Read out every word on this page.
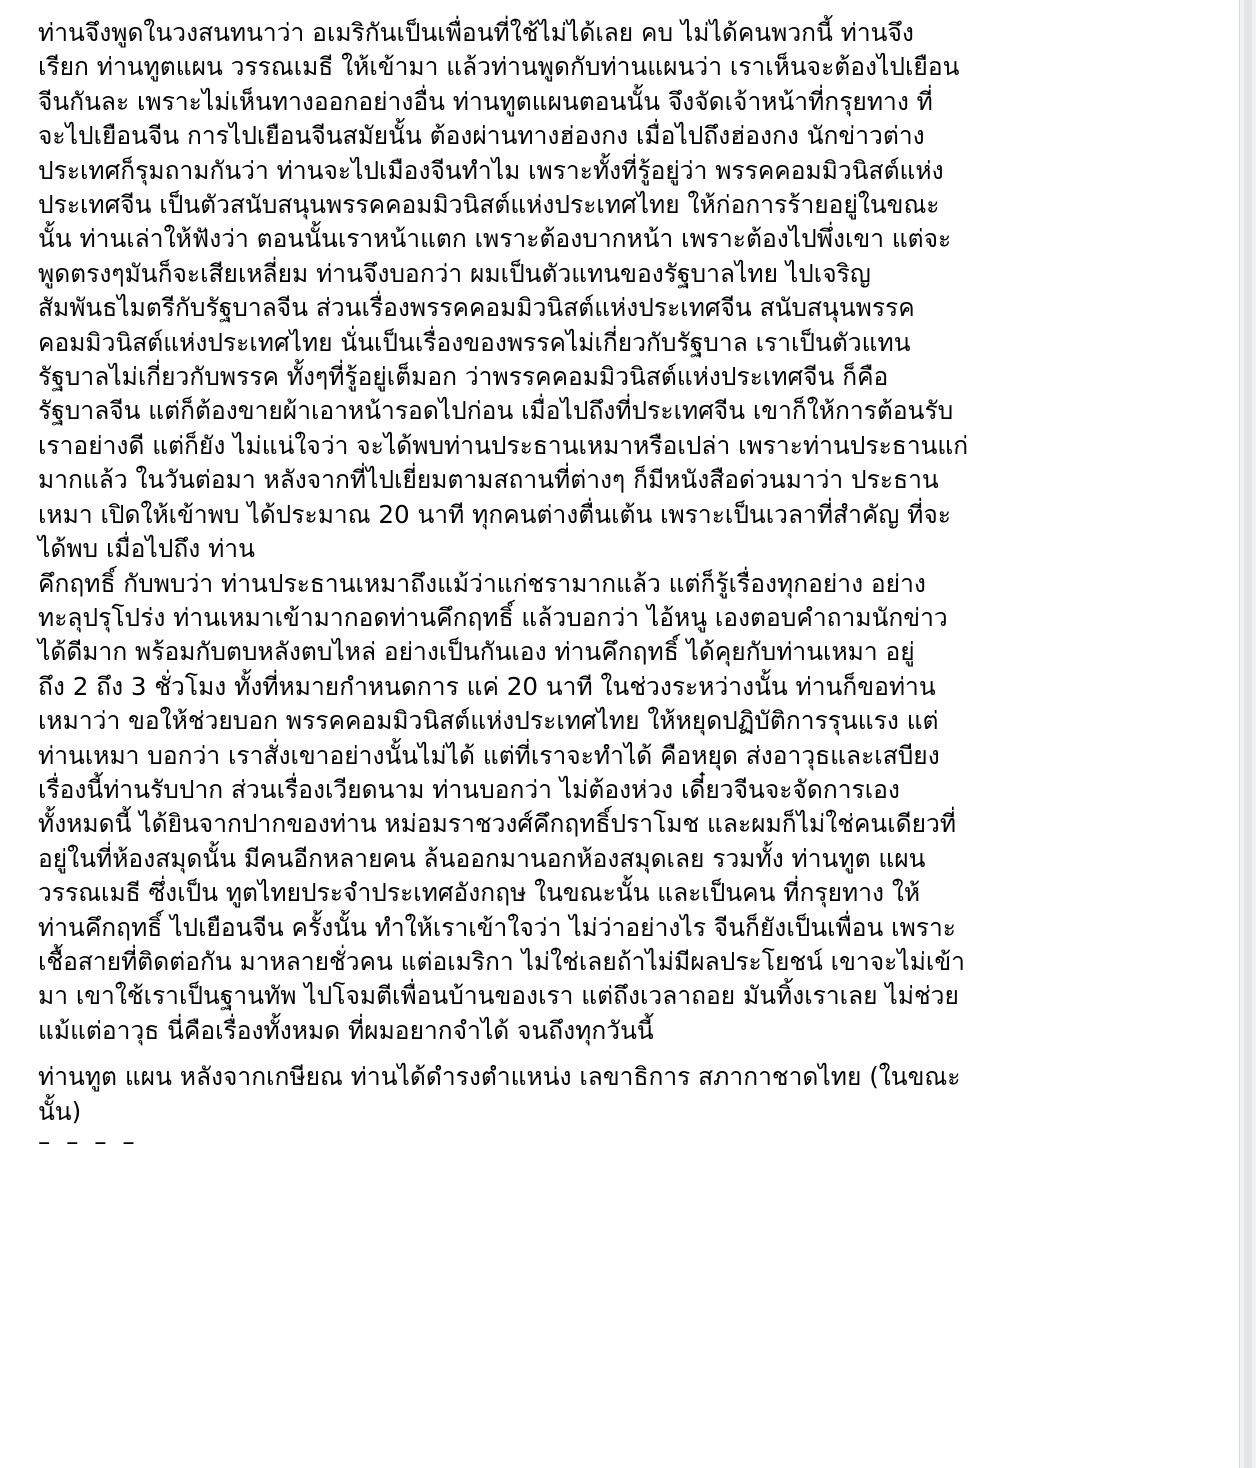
ท่านจึงพูดในวงสนทนาว่า อเมริกันเป็นเพื่อนที่ใช้ไม่ได้เลย คบ ไม่ได้คนพวกนี้ ท่านจึง
เรียก ท่านทูตแผน วรรณเมธี ให้เข้ามา แล้วท่านพูดกับท่านแผนว่า เราเห็นจะต้องไปเยือน
จีนกันละ เพราะไม่เห็นทางออกอย่างอื่น ท่านทูตแผนตอนนั้น จึงจัดเจ้าหน้าที่กรุยทาง ที่
จะไปเยือนจีน การไปเยือนจีนสมัยนั้น ต้องผ่านทางฮ่องกง เมื่อไปถึงฮ่องกง นักข่าวต่าง
ประเทศก็รุมถามกันว่า ท่านจะไปเมืองจีนทำไม เพราะทั้งที่รู้อยู่ว่า พรรคคอมมิวนิสต์แห่ง
ประเทศจีน เป็นตัวสนับสนุนพรรคคอมมิวนิสต์แห่งประเทศไทย ให้ก่อการร้ายอยู่ในขณะ
นั้น ท่านเล่าให้ฟังว่า ตอนนั้นเราหน้าแตก เพราะต้องบากหน้า เพราะต้องไปพึ่งเขา แต่จะ
พูดตรงๆมันก็จะเสียเหลี่ยม ท่านจึงบอกว่า ผมเป็นตัวแทนของรัฐบาลไทย ไปเจริญ
สัมพันธไมตรีกับรัฐบาลจีน ส่วนเรื่องพรรคคอมมิวนิสต์แห่งประเทศจีน สนับสนุนพรรค
คอมมิวนิสต์แห่งประเทศไทย นั่นเป็นเรื่องของพรรคไม่เกี่ยวกับรัฐบาล เราเป็นตัวแทน
รัฐบาลไม่เกี่ยวกับพรรค ทั้งๆที่รู้อยู่เต็มอก ว่าพรรคคอมมิวนิสต์แห่งประเทศจีน ก็คือ
รัฐบาลจีน แต่ก็ต้องขายผ้าเอาหน้ารอดไปก่อน เมื่อไปถึงที่ประเทศจีน เขาก็ให้การต้อนรับ
เราอย่างดี แต่ก็ยัง ไม่แน่ใจว่า จะได้พบท่านประธานเหมาหรือเปล่า เพราะท่านประธานแก่
มากแล้ว ในวันต่อมา หลังจากที่ไปเยี่ยมตามสถานที่ต่างๆ ก็มีหนังสือด่วนมาว่า ประธาน
เหมา เปิดให้เข้าพบ ได้ประมาณ 20 นาที ทุกคนต่างตื่นเต้น เพราะเป็นเวลาที่สำคัญ ที่จะ
ได้พบ เมื่อไปถึง ท่าน
คึกฤทธิ์ กับพบว่า ท่านประธานเหมาถึงแม้ว่าแก่ชรามากแล้ว แต่ก็รู้เรื่องทุกอย่าง อย่าง
ทะลุปรุโปร่ง ท่านเหมาเข้ามากอดท่านคึกฤทธิ์ แล้วบอกว่า ไอ้หนู เองตอบคำถามนักข่าว
ได้ดีมาก พร้อมกับตบหลังตบไหล่ อย่างเป็นกันเอง ท่านคึกฤทธิ์ ได้คุยกับท่านเหมา อยู่
ถึง 2 ถึง 3 ชั่วโมง ทั้งที่หมายกำหนดการ แค่ 20 นาที ในช่วงระหว่างนั้น ท่านก็ขอท่าน
เหมาว่า ขอให้ช่วยบอก พรรคคอมมิวนิสต์แห่งประเทศไทย ให้หยุดปฏิบัติการรุนแรง แต่
ท่านเหมา บอกว่า เราสั่งเขาอย่างนั้นไม่ได้ แต่ที่เราจะทำได้ คือหยุด ส่งอาวุธและเสบียง
เรื่องนี้ท่านรับปาก ส่วนเรื่องเวียดนาม ท่านบอกว่า ไม่ต้องห่วง เดี๋ยวจีนจะจัดการเอง
ทั้งหมดนี้ ได้ยินจากปากของท่าน หม่อมราชวงศ์คึกฤทธิ์ปราโมช และผมก็ไม่ใช่คนเดียวที่
อยู่ในที่ห้องสมุดนั้น มีคนอีกหลายคน ล้นออกมานอกห้องสมุดเลย รวมทั้ง ท่านทูต แผน
วรรณเมธี ซึ่งเป็น ทูตไทยประจำประเทศอังกฤษ ในขณะนั้น และเป็นคน ที่กรุยทาง ให้
ท่านคึกฤทธิ์ ไปเยือนจีน ครั้งนั้น ทำให้เราเข้าใจว่า ไม่ว่าอย่างไร จีนก็ยังเป็นเพื่อน เพราะ
เชื้อสายที่ติดต่อกัน มาหลายชั่วคน แต่อเมริกา ไม่ใช่เลยถ้าไม่มีผลประโยชน์ เขาจะไม่เข้า
มา เขาใช้เราเป็นฐานทัพ ไปโจมตีเพื่อนบ้านของเรา แต่ถึงเวลาถอย มันทิ้งเราเลย ไม่ช่วย
แม้แต่อาวุธ นี่คือเรื่องทั้งหมด ที่ผมอยากจำได้ จนถึงทุกวันนี้

ท่านทูต แผน หลังจากเกษียณ ท่านได้ดำรงตำแหน่ง เลขาธิการ สภากาชาดไทย (ในขณะ
นั้น)
– – – –
